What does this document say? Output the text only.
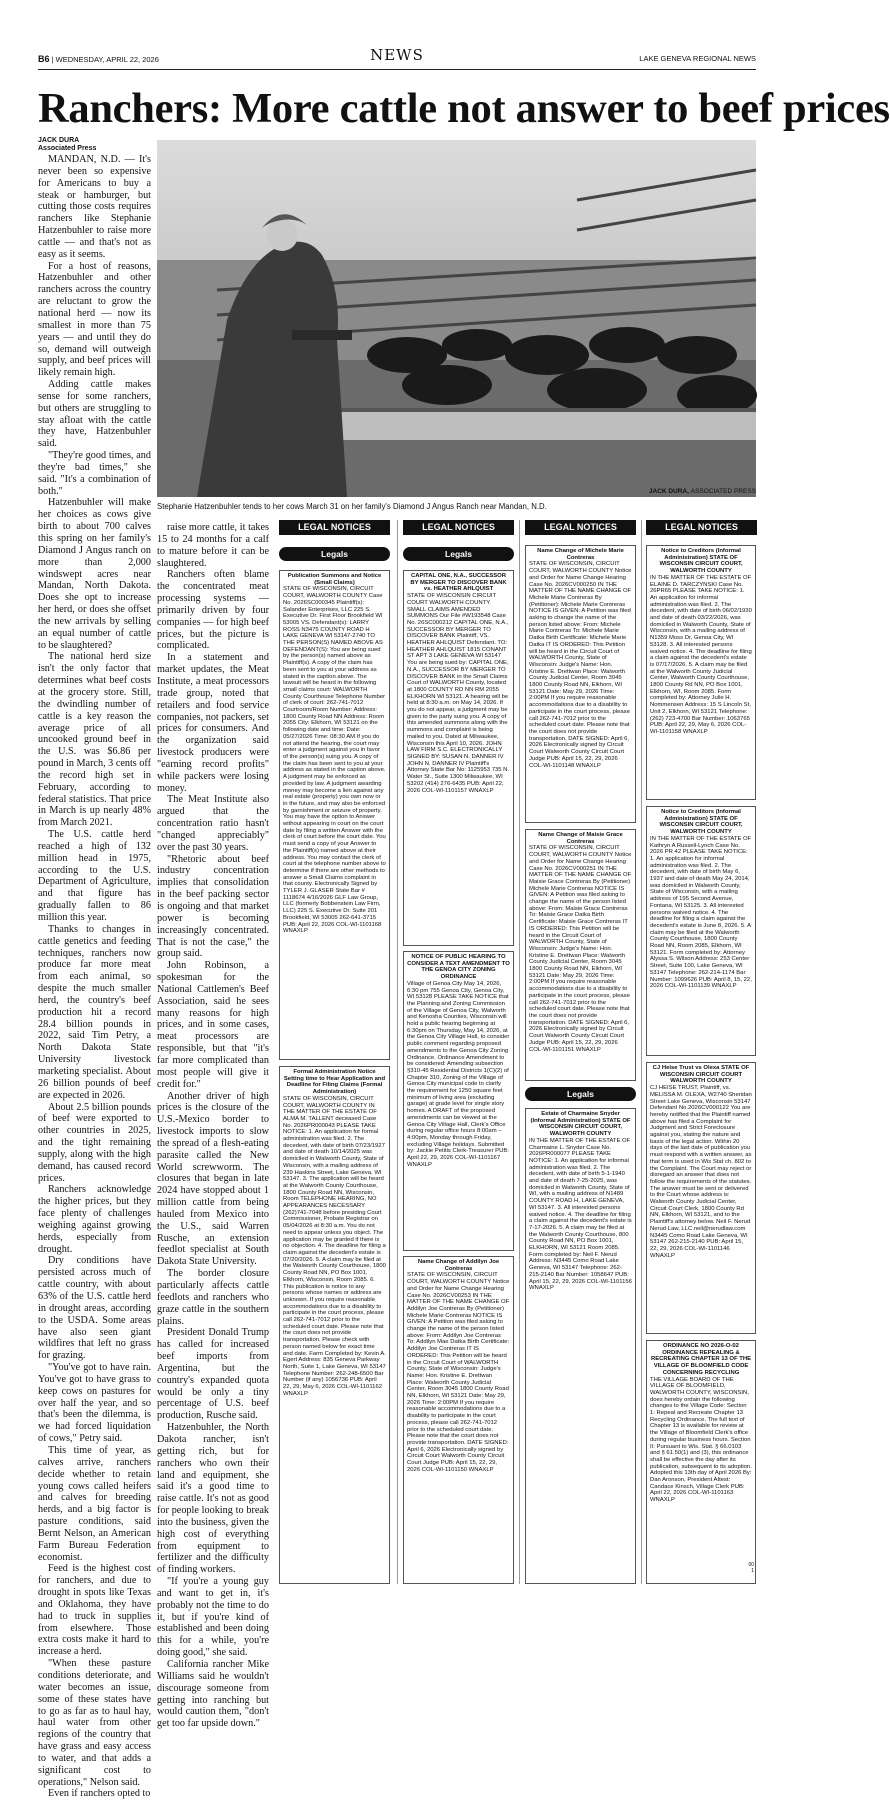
B6 | WEDNESDAY, APRIL 22, 2026	NEWS	LAKE GENEVA REGIONAL NEWS
Ranchers: More cattle not answer to beef prices
JACK DURA
Associated Press
JACK DURA, ASSOCIATED PRESS
Stephanie Hatzenbuhler tends to her cows March 31 on her family's Diamond J Angus Ranch near Mandan, N.D.

MANDAN, N.D. — It's never been so expensive for Americans to buy a steak or hamburger, but cutting those costs requires ranchers like Stephanie Hatzenbuhler to raise more cattle — and that's not as easy as it seems.

For a host of reasons, Hatzenbuhler and other ranchers across the country are reluctant to grow the national herd — now its smallest in more than 75 years — and until they do so, demand will outweigh supply, and beef prices will likely remain high.

Adding cattle makes sense for some ranchers, but others are struggling to stay afloat with the cattle they have, Hatzenbuhler said.

"They're good times, and they're bad times," she said. "It's a combination of both."

Hatzenbuhler will make her choices as cows give birth to about 700 calves this spring on her family's Diamond J Angus ranch on more than 2,000 windswept acres near Mandan, North Dakota. Does she opt to increase her herd, or does she offset the new arrivals by selling an equal number of cattle to be slaughtered?

The national herd size isn't the only factor that determines what beef costs at the grocery store. Still, the dwindling number of cattle is a key reason the average price of all uncooked ground beef in the U.S. was $6.86 per pound in March, 3 cents off the record high set in February, according to federal statistics. That price in March is up nearly 48% from March 2021.

The U.S. cattle herd reached a high of 132 million head in 1975, according to the U.S. Department of Agriculture, and that figure has gradually fallen to 86 million this year.

Thanks to changes in cattle genetics and feeding techniques, ranchers now produce far more meat from each animal, so despite the much smaller herd, the country's beef production hit a record 28.4 billion pounds in 2022, said Tim Petry, a North Dakota State University livestock marketing specialist. About 26 billion pounds of beef are expected in 2026.

About 2.5 billion pounds of beef were exported to other countries in 2025, and the tight remaining supply, along with the high demand, has caused record prices.

Ranchers acknowledge the higher prices, but they face plenty of challenges weighing against growing herds, especially from drought.

Dry conditions have persisted across much of cattle country, with about 63% of the U.S. cattle herd in drought areas, according to the USDA. Some areas have also seen giant wildfires that left no grass for grazing.

"You've got to have rain. You've got to have grass to keep cows on pastures for over half the year, and so that's been the dilemma, is we had forced liquidation of cows," Petry said.

This time of year, as calves arrive, ranchers decide whether to retain young cows called heifers and calves for breeding herds, and a big factor is pasture conditions, said Bernt Nelson, an American Farm Bureau Federation economist.

Feed is the highest cost for ranchers, and due to drought in spots like Texas and Oklahoma, they have had to truck in supplies from elsewhere. Those extra costs make it hard to increase a herd.

"When these pasture conditions deteriorate, and water becomes an issue, some of these states have to go as far as to haul hay, haul water from other regions of the country that have grass and easy access to water, and that adds a significant cost to operations," Nelson said.

Even if ranchers opted to

raise more cattle, it takes 15 to 24 months for a calf to mature before it can be slaughtered.

Ranchers often blame the concentrated meat processing systems — primarily driven by four companies — for high beef prices, but the picture is complicated.

In a statement and market updates, the Meat Institute, a meat processors trade group, noted that retailers and food service companies, not packers, set prices for consumers. And the organization said livestock producers were "earning record profits" while packers were losing money.

The Meat Institute also argued that the concentration ratio hasn't "changed appreciably" over the past 30 years.

"Rhetoric about beef industry concentration implies that consolidation in the beef packing sector is ongoing and that market power is becoming increasingly concentrated. That is not the case," the group said.

John Robinson, a spokesman for the National Cattlemen's Beef Association, said he sees many reasons for high prices, and in some cases, meat processors are responsible, but that "it's far more complicated than most people will give it credit for."

Another driver of high prices is the closure of the U.S.-Mexico border to livestock imports to slow the spread of a flesh-eating parasite called the New World screwworm. The closures that began in late 2024 have stopped about 1 million cattle from being hauled from Mexico into the U.S., said Warren Rusche, an extension feedlot specialist at South Dakota State University.

The border closure particularly affects cattle feedlots and ranchers who graze cattle in the southern plains.

President Donald Trump has called for increased beef imports from Argentina, but the country's expanded quota would be only a tiny percentage of U.S. beef production, Rusche said.

Hatzenbuhler, the North Dakota rancher, isn't getting rich, but for ranchers who own their land and equipment, she said it's a good time to raise cattle. It's not as good for people looking to break into the business, given the high cost of everything from equipment to fertilizer and the difficulty of finding workers.

"If you're a young guy and want to get in, it's probably not the time to do it, but if you're kind of established and been doing this for a while, you're doing good," she said.

California rancher Mike Williams said he wouldn't discourage someone from getting into ranching but would caution them, "don't get too far upside down."

LEGAL NOTICES	LEGAL NOTICES	LEGAL NOTICES	LEGAL NOTICES
Legals	Legals
Legals
Publication Summons and Notice (Small Claims)
STATE OF WISCONSIN, CIRCUIT COURT, WALWORTH COUNTY Case No. 2026SC000345 Plaintiff(s): Salander Enterprises, LLC 225 S. Executive Dr. First Floor Brookfield WI 53005 VS. Defendant(s): LARRY ROSS N3475 COUNTY ROAD H LAKE GENEVA WI 53147-2740 TO THE PERSON(S) NAMED ABOVE AS DEFENDANT(S): You are being sued by the person(s) named above as Plaintiff(s). A copy of the claim has been sent to you at your address as stated in the caption above. The lawsuit will be heard in the following small claims court: WALWORTH County Courthouse Telephone Number of clerk of court: 262-741-7012 Courtroom/Room Number: Address: 1800 County Road NN Address: Room 2055 City: Elkhorn, WI 53121 on the following date and time: Date: 05/27/2026 Time: 08:30 AM If you do not attend the hearing, the court may enter a judgment against you in favor of the person(s) suing you. A copy of the claim has been sent to you at your address as stated in the caption above. A judgment may be enforced as provided by law. A judgment awarding money may become a lien against any real estate (property) you own now or in the future, and may also be enforced by garnishment or seizure of property. You may have the option to Answer without appearing in court on the court date by filing a written Answer with the clerk of court before the court date. You must send a copy of your Answer to the Plaintiff(s) named above at their address. You may contact the clerk of court at the telephone number above to determine if there are other methods to answer a Small Claims complaint in that county. Electronically Signed by TYLER J. GLASER State Bar # 1118674 4/16/2026 GLF Law Group, LLC (formerly Bobbenstein Law Firm, LLC) 225 S. Executive Dr. Suite 201 Brookfield, WI 53005 262-641-3715 PUB: April 22, 2026 COL-WI-1101168 WNAXLP
Formal Administration Notice Setting time to Hear Application and Deadline for Filing Claims (Formal Administration)
STATE OF WISCONSIN, CIRCUIT COURT, WALWORTH COUNTY IN THE MATTER OF THE ESTATE OF ALMA M. TALLENT deceased Case No. 2026PR000043 PLEASE TAKE NOTICE: 1. An application for formal administration was filed. 2. The decedent, with date of birth 07/23/1927 and date of death 10/14/2025 was domiciled in Walworth County, State of Wisconsin, with a mailing address of 239 Haskins Street, Lake Geneva, WI 53147. 3. The application will be heard at the Walworth County Courthouse, 1800 County Road NN, Wisconsin, Room TELEPHONE HEARING, NO APPEARANCES NECESSARY (262)741-7048 before presiding Court Commissioner, Probate Registrar on 05/04/2026 at 8:30 a.m. You do not need to appear unless you object. The application may be granted if there is no objection. 4. The deadline for filing a claim against the decedent's estate is 07/20/2026. 5. A claim may be filed at the Walworth County Courthouse, 1800 County Road NN, PO Box 1001, Elkhorn, Wisconsin, Room 2085. 6. This publication is notice to any persons whose names or address are unknown. If you require reasonable accommodations due to a disability to participate in the court process, please call 262-741-7012 prior to the scheduled court date. Please note that the court does not provide transportation. Please check with person named below for exact time and date. Farm Completed by: Kevin A. Egert Address: 835 Geneva Parkway North, Suite 1, Lake Geneva, WI 53147 Telephone Number: 262-248-6500 Bar Number (if any) 1056736 PUB: April 22, 29, May 6, 2026 COL-WI-1101162 WNAXLP
CAPITAL ONE, N.A., SUCCESSOR BY MERGER TO DISCOVER BANK vs. HEATHER AHLQUIST
STATE OF WISCONSIN CIRCUIT COURT WALWORTH COUNTY SMALL CLAIMS AMENDED SUMMONS Our File #W193548 Case No. 26SC000212 CAPITAL ONE, N.A., SUCCESSOR BY MERGER TO DISCOVER BANK Plaintiff, VS. HEATHER AHLQUIST Defendant. TO: HEATHER AHLQUIST 1815 CONANT ST APT 3 LAKE GENEVA WI 53147 You are being sued by: CAPITAL ONE, N.A., SUCCESSOR BY MERGER TO DISCOVER BANK in the Small Claims Court of WALWORTH County, located at 1800 COUNTY RD NN RM 2055 ELKHORN WI 53121. A hearing will be held at 8:30 a.m. on May 14, 2026. If you do not appear, a judgment may be given to the party suing you. A copy of this amended summons along with the summons and complaint is being mailed to you. Dated at Milwaukee, Wisconsin this April 10, 2026. JOHN LAW FIRM S.C. ELECTRONICALLY SIGNED BY: SUSAN N. DANNER IV JOHN N. DANNER IV Plaintiff's Attorney State Bar No: 1125953 735 N. Water St., Suite 1300 Milwaukee, WI 53202 (414) 276-6435 PUB: April 22, 2026 COL-WI-1101157 WNAXLP
NOTICE OF PUBLIC HEARING TO CONSIDER A TEXT AMENDMENT TO THE GENOA CITY ZONING ORDINANCE
Village of Genoa City May 14, 2026, 6:30 pm 755 Genoa City, Genoa City, WI 53128 PLEASE TAKE NOTICE that the Planning and Zoning Commission of the Village of Genoa City, Walworth and Kenosha Counties, Wisconsin will hold a public hearing beginning at 6:30pm on Thursday, May 14, 2026, at the Genoa City Village Hall, to consider public comment regarding proposed amendments to the Genoa City Zoning Ordinance. Ordinance Amendment to be considered: Amending subsection §310-45 Residential Districts 1(C)(2) of Chapter 310, Zoning of the Village of Genoa City municipal code to clarify the requirement for 1250 square feet minimum of living area (excluding garage) at grade level for single story homes. A DRAFT of the proposed amendments can be viewed at the Genoa City Village Hall, Clerk's Office during regular office hours 8:00am – 4:00pm, Monday through Friday, excluding Village holidays. Submitted by: Jackie Petitis Clerk-Treasurer PUB: April 22, 29, 2026 COL-WI-1101167 WNAXLP
Name Change of Addilyn Joe Contreras
STATE OF WISCONSIN, CIRCUIT COURT, WALWORTH COUNTY Notice and Order for Name Change Hearing Case No. 2026CV00253 IN THE MATTER OF THE NAME CHANGE OF Addilyn Joe Contreras By (Petitioner) Michele Marie Contreras NOTICE IS GIVEN: A Petition was filed asking to change the name of the person listed above: From: Addilyn Joe Contreras To: Addilyn Mae Datka Birth Certificate: Addilyn Joe Contreras IT IS ORDERED: This Petition will be heard in the Circuit Court of WALWORTH County, State of Wisconsin: Judge's Name: Hon. Kristine E. Drettwan Place: Walworth County Judicial Center, Room 3045 1800 County Road NN, Elkhorn, WI 53121 Date: May 29, 2026 Time: 2:00PM If you require reasonable accommodations due to a disability to participate in the court process, please call 262-741-7012 prior to the scheduled court date. Please note that the court does not provide transportation. DATE SIGNED: April 6, 2026 Electronically signed by Circuit Court Walworth County Circuit Court Judge PUB: April 15, 22, 29, 2026 COL-WI-1101150 WNAXLP
Name Change of Michele Marie Contreras
STATE OF WISCONSIN, CIRCUIT COURT, WALWORTH COUNTY Notice and Order for Name Change Hearing Case No. 2026CV000250 IN THE MATTER OF THE NAME CHANGE OF Michele Marie Contreras By (Petitioner): Michele Marie Contreras NOTICE IS GIVEN: A Petition was filed asking to change the name of the person listed above: From: Michele Marie Contreras To: Michele Marie Datka Birth Certificate: Michele Marie Datka IT IS ORDERED: This Petition will be heard in the Circuit Court of WALWORTH County, State of Wisconsin: Judge's Name: Hon. Kristine E. Drettwan Place: Walworth County Judicial Center, Room 3045 1800 County Road NN, Elkhorn, WI 53121 Date: May 29, 2026 Time: 2:00PM If you require reasonable accommodations due to a disability to participate in the court process, please call 262-741-7012 prior to the scheduled court date. Please note that the court does not provide transportation. DATE SIGNED: April 6, 2026 Electronically signed by Circuit Court Walworth County Circuit Court Judge PUB: April 15, 22, 29, 2026 COL-WI-1101148 WNAXLP
Name Change of Maisie Grace Contreras
STATE OF WISCONSIN, CIRCUIT COURT, WALWORTH COUNTY Notice and Order for Name Change Hearing Case No. 2026CV000251 IN THE MATTER OF THE NAME CHANGE OF Maisie Grace Contreras By (Petitioner) Michele Marie Contreras NOTICE IS GIVEN: A Petition was filed asking to change the name of the person listed above: From: Maisie Grace Contreras To: Maisie Grace Datka Birth Certificate: Maisie Grace Contreras IT IS ORDERED: This Petition will be heard in the Circuit Court of WALWORTH County, State of Wisconsin: Judge's Name: Hon. Kristine E. Drettwan Place: Walworth County Judicial Center, Room 3045 1800 County Road NN, Elkhorn, WI 53121 Date: May 29, 2026 Time: 2:00PM If you require reasonable accommodations due to a disability to participate in the court process, please call 262-741-7012 prior to the scheduled court date. Please note that the court does not provide transportation. DATE SIGNED: April 6, 2026 Electronically signed by Circuit Court Walworth County Circuit Court Judge PUB: April 15, 22, 29, 2026 COL-WI-1101151 WNAXLP
Estate of Charmaine Snyder (Informal Administration) STATE OF WISCONSIN CIRCUIT COURT, WALWORTH COUNTY
IN THE MATTER OF THE ESTATE OF Charmaine L. Snyder Case No. 2026PR000077 PLEASE TAKE NOTICE: 1. An application for informal administration was filed. 2. The decedent, with date of birth 5-1-1940 and date of death 7-25-2025, was domiciled in Walworth County, State of WI, with a mailing address of N1489 COUNTY ROAD H, LAKE GENEVA, WI 53147. 3. All interested persons waived notice. 4. The deadline for filing a claim against the decedent's estate is 7-17-2026. 5. A claim may be filed at the Walworth County Courthouse, 800 County Road NN, PO Box 1001, ELKHORN, WI 53121 Room 2085. Form completed by: Neil F. Nerud Address: N3445 Como Road Lake Geneva, WI 53147 Telephone: 262-215-2140 Bar Number: 1058647 PUB: April 15, 22, 29, 2026 COL-WI-1101156 WNAXLP
Notice to Creditors (Informal Administration) STATE OF WISCONSIN CIRCUIT COURT, WALWORTH COUNTY
IN THE MATTER OF THE ESTATE OF ELAINE D. TARCZYNSKI Case No. 26PR65 PLEASE TAKE NOTICE: 1. An application for informal administration was filed. 2. The decedent, with date of birth 06/02/1930 and date of death 03/22/2026, was domiciled in Walworth County, State of Wisconsin, with a mailing address of N1359 Moss Dr, Genoa City, WI 53128. 3. All interested persons waived notice. 4. The deadline for filing a claim against the decedent's estate is 07/17/2026. 5. A claim may be filed at the Walworth County Judicial Center, Walworth County Courthouse, 1800 County Rd NN, PO Box 1001, Elkhorn, WI, Room 2085. Form completed by: Attorney Julie H. Nommensen Address: 15 S Lincoln St, Unit 2, Elkhorn, WI 53121 Telephone: (262) 723-4700 Bar Number: 1063765 PUB: April 22, 29, May 6, 2026 COL-WI-1101158 WNAXLP
Notice to Creditors (Informal Administration) STATE OF WISCONSIN CIRCUIT COURT, WALWORTH COUNTY
IN THE MATTER OF THE ESTATE OF Kathryn A Russell-Lynch Case No. 2026 PR 42 PLEASE TAKE NOTICE: 1. An application for informal administration was filed. 2. The decedent, with date of birth May 6, 1937 and date of death May 24, 2014, was domiciled in Walworth County, State of Wisconsin, with a mailing address of 195 Second Avenue, Fontana, WI 53125. 3. All interested persons waived notice. 4. The deadline for filing a claim against the decedent's estate is June 8, 2026. 5. A claim may be filed at the Walworth County Courthouse, 1800 County Road NN, Room 2085, Elkhorn, WI 53121. Form completed by: Attorney Alyssa S. Wilson Address: 253 Center Street, Suite 100, Lake Geneva, WI 53147 Telephone: 262-214-1174 Bar Number: 1099626 PUB: April 8, 15, 22, 2026 COL-WI-1101139 WNAXLP
CJ Heise Trust vs Olexa STATE OF WISCONSIN CIRCUIT COURT WALWORTH COUNTY
CJ HEISE TRUST, Plaintiff, vs. MELISSA M. OLEXA, W2740 Sheridan Street Lake Geneva, Wisconsin 53147 Defendant No.2026CV000122 You are hereby notified that the Plaintiff named above has filed a Complaint for Judgment and Strict Foreclosure against you, stating the nature and basis of the legal action. Within 20 days of the last date of publication you must respond with a written answer, as that term is used in Wis Stat ch. 802 to the Complaint. The Court may reject or disregard an answer that does not follow the requirements of the statutes. The answer must be sent or delivered to the Court whose address is: Walworth County Judicial Center, Circuit Court Clerk, 1800 County Rd NN, Elkhorn, WI 53121, and to the Plaintiff's attorney below. Neil F. Nerud Nerud Law, LLC neil@nerudlaw.com N3445 Como Road Lake Geneva, WI 53147 262-215-2140 PUB: April 15, 22, 29, 2026 COL-WI-1101146 WNAXLP
ORDINANCE NO 2026-O-02 ORDINANCE REPEALING & RECREATING CHAPTER 13 OF THE VILLAGE OF BLOOMFIELD CODE CONCERNING RECYCLING
THE VILLAGE BOARD OF THE VILLAGE OF BLOOMFIELD, WALWORTH COUNTY, WISCONSIN, does hereby ordain the following changes to the Village Code: Section 1: Repeal and Recreate Chapter 13 Recycling Ordinance. The full text of Chapter 13 is available for review at the Village of Bloomfield Clerk's office during regular business hours. Section II: Pursuant to Wis. Stat. § 66.0103 and § 61.50(1) and (3), this ordinance shall be effective the day after its publication, subsequent to its adoption. Adopted this 13th day of April 2026 By: Dan Aronson, President Attest: Candace Kinsch, Village Clerk PUB: April 22, 2026 COL-WI-1101163 WNAXLP
00
1
